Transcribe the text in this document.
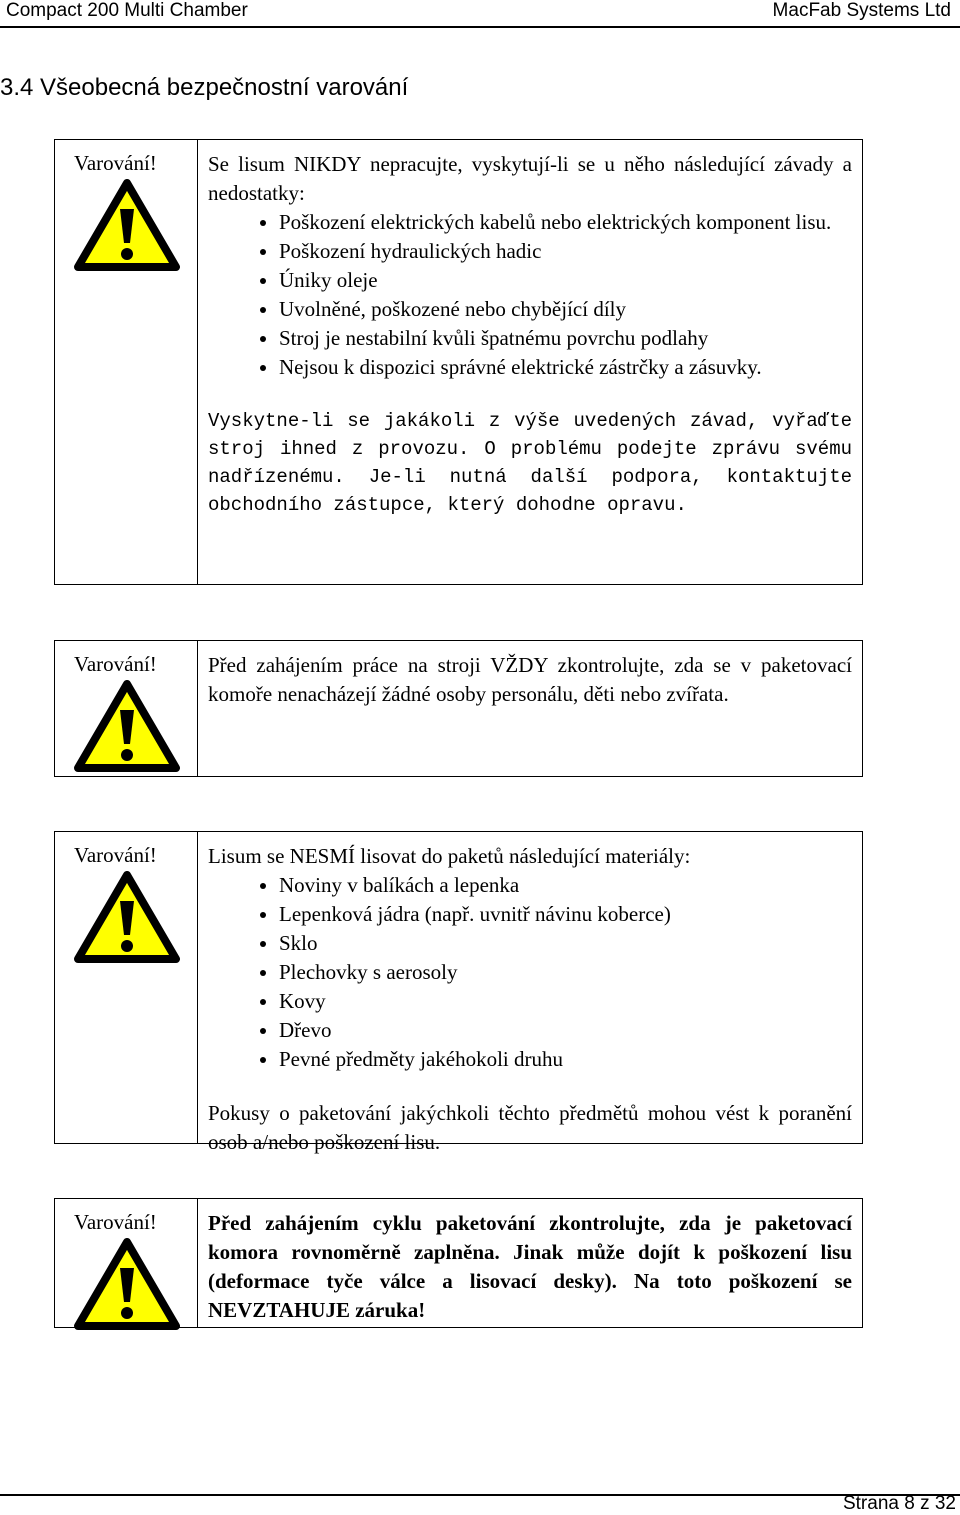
Compact 200 Multi Chamber	MacFab Systems Ltd
3.4 Všeobecná bezpečnostní varování
Varování!	Se lisum NIKDY nepracujte, vyskytují-li se u něho následující závady a nedostatky:

• Poškození elektrických kabelů nebo elektrických komponent lisu.
• Poškození hydraulických hadic
• Úniky oleje
• Uvolněné, poškozené nebo chybějící díly
• Stroj je nestabilní kvůli špatnému povrchu podlahy
• Nejsou k dispozici správné elektrické zástrčky a zásuvky.

Vyskytne-li se jakákoli z výše uvedených závad, vyřaďte stroj ihned z provozu. O problému podejte zprávu svému nadřízenému. Je-li nutná další podpora, kontaktujte obchodního zástupce, který dohodne opravu.

Varování!	Před zahájením práce na stroji VŽDY zkontrolujte, zda se v paketovací komoře nenacházejí žádné osoby personálu, děti nebo zvířata.

Varování!	Lisum se NESMÍ lisovat do paketů následující materiály:

• Noviny v balíkách a lepenka
• Lepenková jádra (např. uvnitř návinu koberce)
• Sklo
• Plechovky s aerosoly
• Kovy
• Dřevo
• Pevné předměty jakéhokoli druhu

Pokusy o paketování jakýchkoli těchto předmětů mohou vést k poranění osob a/nebo poškození lisu.

Varování!	Před zahájením cyklu paketování zkontrolujte, zda je paketovací komora rovnoměrně zaplněna. Jinak může dojít k poškození lisu (deformace tyče válce a lisovací desky). Na toto poškození se NEVZTAHUJE záruka!

Strana 8 z 32
